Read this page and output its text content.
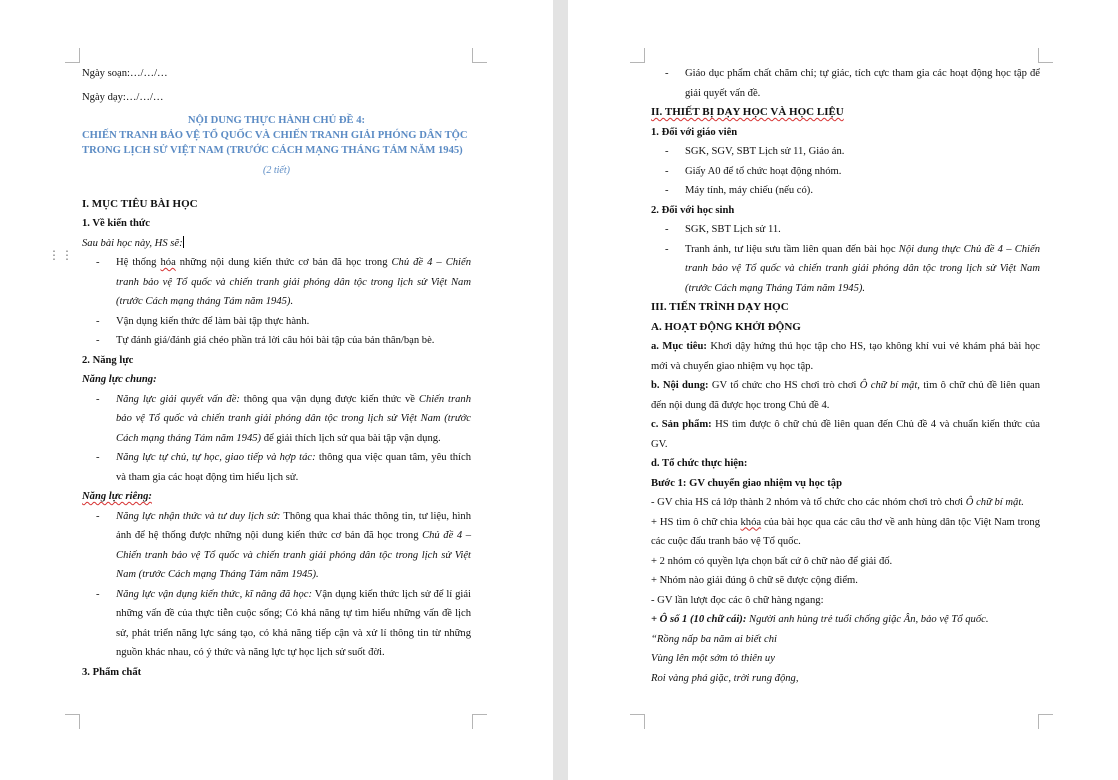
⋮⋮

Ngày soạn:…/…/…

Ngày dạy:…/…/…

NỘI DUNG THỰC HÀNH CHỦ ĐỀ 4:

CHIẾN TRANH BẢO VỆ TỔ QUỐC VÀ CHIẾN TRANH GIẢI PHÓNG DÂN TỘC TRONG LỊCH SỬ VIỆT NAM (TRƯỚC CÁCH MẠNG THÁNG TÁM NĂM 1945)

(2 tiết)

I. MỤC TIÊU BÀI HỌC

1. Về kiến thức

Sau bài học này, HS sẽ:

- Hệ thống hóa những nội dung kiến thức cơ bản đã học trong Chủ đề 4 – Chiến tranh bảo vệ Tổ quốc và chiến tranh giải phóng dân tộc trong lịch sử Việt Nam (trước Cách mạng tháng Tám năm 1945).

- Vận dụng kiến thức để làm bài tập thực hành.

- Tự đánh giá/đánh giá chéo phần trả lời câu hỏi bài tập của bản thân/bạn bè.

2. Năng lực

Năng lực chung:

- Năng lực giải quyết vấn đề: thông qua vận dụng được kiến thức về Chiến tranh bảo vệ Tổ quốc và chiến tranh giải phóng dân tộc trong lịch sử Việt Nam (trước Cách mạng tháng Tám năm 1945) để giải thích lịch sử qua bài tập vận dụng.

- Năng lực tự chủ, tự học, giao tiếp và hợp tác: thông qua việc quan tâm, yêu thích và tham gia các hoạt động tìm hiểu lịch sử.

Năng lực riêng:

- Năng lực nhận thức và tư duy lịch sử: Thông qua khai thác thông tin, tư liệu, hình ảnh để hệ thống được những nội dung kiến thức cơ bản đã học trong Chủ đề 4 – Chiến tranh bảo vệ Tổ quốc và chiến tranh giải phóng dân tộc trong lịch sử Việt Nam (trước Cách mạng Tháng Tám năm 1945).

- Năng lực vận dụng kiến thức, kĩ năng đã học: Vận dụng kiến thức lịch sử để lí giải những vấn đề của thực tiễn cuộc sống; Có khả năng tự tìm hiểu những vấn đề lịch sử, phát triển năng lực sáng tạo, có khả năng tiếp cận và xử lí thông tin từ những nguồn khác nhau, có ý thức và năng lực tự học lịch sử suốt đời.

3. Phẩm chất

- Giáo dục phẩm chất chăm chỉ; tự giác, tích cực tham gia các hoạt động học tập để giải quyết vấn đề.

II. THIẾT BỊ DẠY HỌC VÀ HỌC LIỆU

1. Đối với giáo viên

- SGK, SGV, SBT Lịch sử 11, Giáo án.

- Giấy A0 để tổ chức hoạt động nhóm.

- Máy tính, máy chiếu (nếu có).

2. Đối với học sinh

- SGK, SBT Lịch sử 11.

- Tranh ảnh, tư liệu sưu tầm liên quan đến bài học Nội dung thực Chủ đề 4 – Chiến tranh bảo vệ Tổ quốc và chiến tranh giải phóng dân tộc trong lịch sử Việt Nam (trước Cách mạng Tháng Tám năm 1945).

III. TIẾN TRÌNH DẠY HỌC

A. HOẠT ĐỘNG KHỞI ĐỘNG

a. Mục tiêu: Khơi dậy hứng thú học tập cho HS, tạo không khí vui vẻ khám phá bài học mới và chuyển giao nhiệm vụ học tập.

b. Nội dung: GV tổ chức cho HS chơi trò chơi Ô chữ bí mật, tìm ô chữ chủ đề liên quan đến nội dung đã được học trong Chủ đề 4.

c. Sản phẩm: HS tìm được ô chữ chủ đề liên quan đến Chủ đề 4 và chuẩn kiến thức của GV.

d. Tổ chức thực hiện:

Bước 1: GV chuyển giao nhiệm vụ học tập

- GV chia HS cả lớp thành 2 nhóm và tổ chức cho các nhóm chơi trò chơi Ô chữ bí mật.

+ HS tìm ô chữ chìa khóa của bài học qua các câu thơ về anh hùng dân tộc Việt Nam trong các cuộc đấu tranh bảo vệ Tổ quốc.

+ 2 nhóm có quyền lựa chọn bất cứ ô chữ nào để giải đố.

+ Nhóm nào giải đúng ô chữ sẽ được cộng điểm.

- GV lần lượt đọc các ô chữ hàng ngang:

+ Ô số 1 (10 chữ cái): Người anh hùng trẻ tuổi chống giặc Ân, bảo vệ Tổ quốc.

“Rồng nấp ba năm ai biết chi

Vùng lên một sớm tỏ thiên uy

Roi vàng phá giặc, trời rung động,
